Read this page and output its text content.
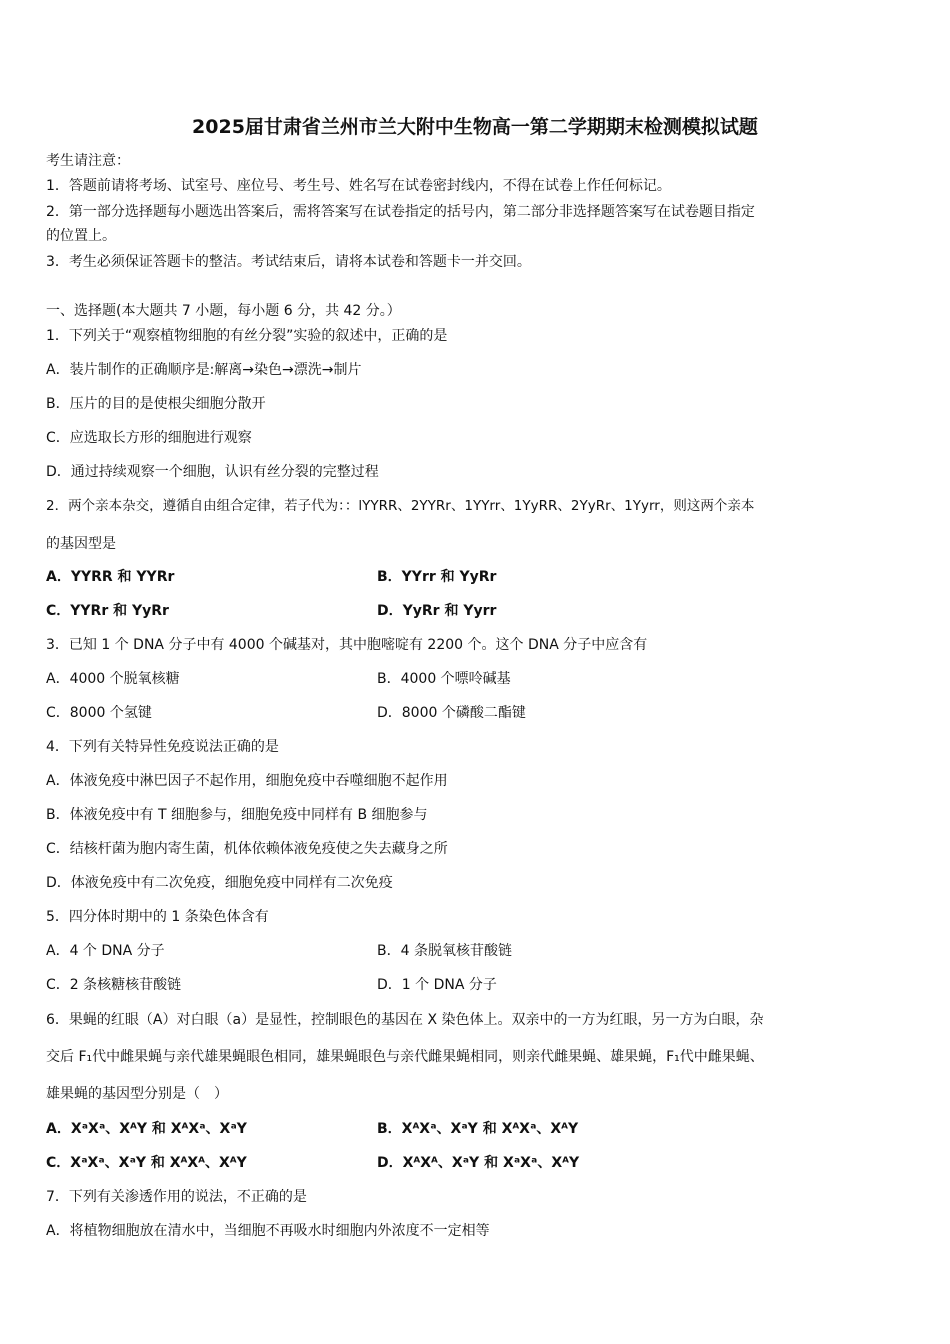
2025届甘肃省兰州市兰大附中生物高一第二学期期末检测模拟试题
考生请注意：
1．答题前请将考场、试室号、座位号、考生号、姓名写在试卷密封线内，不得在试卷上作任何标记。
2．第一部分选择题每小题选出答案后，需将答案写在试卷指定的括号内，第二部分非选择题答案写在试卷题目指定
的位置上。
3．考生必须保证答题卡的整洁。考试结束后，请将本试卷和答题卡一并交回。
一、选择题(本大题共 7 小题，每小题 6 分，共 42 分。）
1．下列关于“观察植物细胞的有丝分裂”实验的叙述中，正确的是
A．装片制作的正确顺序是:解离→染色→漂洗→制片
B．压片的目的是使根尖细胞分散开
C．应选取长方形的细胞进行观察
D．通过持续观察一个细胞，认识有丝分裂的完整过程
2．两个亲本杂交，遵循自由组合定律，若子代为：：lYYRR、2YYRr、1YYrr、1YyRR、2YyRr、1Yyrr，则这两个亲本
的基因型是
A．YYRR 和 YYRr	B．YYrr 和 YyRr
C．YYRr 和 YyRr	D．YyRr 和 Yyrr
3．已知 1 个 DNA 分子中有 4000 个碱基对，其中胞嘧啶有 2200 个。这个 DNA 分子中应含有
A．4000 个脱氧核糖	B．4000 个嘌呤碱基
C．8000 个氢键	D．8000 个磷酸二酯键
4．下列有关特异性免疫说法正确的是
A．体液免疫中淋巴因子不起作用，细胞免疫中吞噬细胞不起作用
B．体液免疫中有 T 细胞参与，细胞免疫中同样有 B 细胞参与
C．结核杆菌为胞内寄生菌，机体依赖体液免疫使之失去藏身之所
D．体液免疫中有二次免疫，细胞免疫中同样有二次免疫
5．四分体时期中的 1 条染色体含有
A．4 个 DNA 分子	B．4 条脱氧核苷酸链
C．2 条核糖核苷酸链	D．1 个 DNA 分子
6．果蝇的红眼（A）对白眼（a）是显性，控制眼色的基因在 X 染色体上。双亲中的一方为红眼，另一方为白眼，杂
交后 F₁代中雌果蝇与亲代雄果蝇眼色相同，雄果蝇眼色与亲代雌果蝇相同，则亲代雌果蝇、雄果蝇，F₁代中雌果蝇、
雄果蝇的基因型分别是（　）
A．XᵃXᵃ、XᴬY 和 XᴬXᵃ、XᵃY	B．XᴬXᵃ、XᵃY 和 XᴬXᵃ、XᴬY
C．XᵃXᵃ、XᵃY 和 XᴬXᴬ、XᴬY	D．XᴬXᴬ、XᵃY 和 XᵃXᵃ、XᴬY
7．下列有关渗透作用的说法，不正确的是
A．将植物细胞放在清水中，当细胞不再吸水时细胞内外浓度不一定相等
